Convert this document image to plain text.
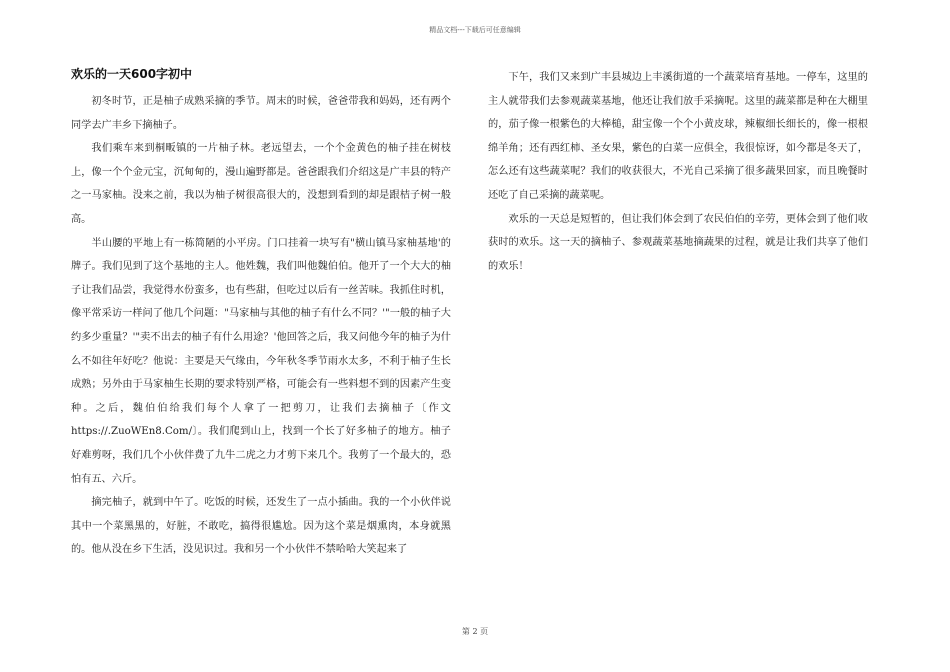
精品文档---下载后可任意编辑
欢乐的一天600字初中

初冬时节，正是柚子成熟采摘的季节。周末的时候，爸爸带我和妈妈，还有两个同学去广丰乡下摘柚子。

我们乘车来到桐畈镇的一片柚子林。老远望去，一个个金黄色的柚子挂在树枝上，像一个个金元宝，沉甸甸的，漫山遍野都是。爸爸跟我们介绍这是广丰县的特产之一马家柚。没来之前，我以为柚子树很高很大的，没想到看到的却是跟桔子树一般高。

半山腰的平地上有一栋简陋的小平房。门口挂着一块写有"横山镇马家柚基地'的牌子。我们见到了这个基地的主人。他姓魏，我们叫他魏伯伯。他开了一个大大的柚子让我们品尝，我觉得水份蛮多，也有些甜，但吃过以后有一丝苦味。我抓住时机，像平常采访一样问了他几个问题："马家柚与其他的柚子有什么不同？'"一般的柚子大约多少重量？'"卖不出去的柚子有什么用途？'他回答之后，我又问他今年的柚子为什么不如往年好吃？他说：主要是天气缘由，今年秋冬季节雨水太多，不利于柚子生长成熟；另外由于马家柚生长期的要求特别严格，可能会有一些料想不到的因素产生变种。之后，魏伯伯给我们每个人拿了一把剪刀，让我们去摘柚子〔作文https://.ZuoWEn8.Com/〕。我们爬到山上，找到一个长了好多柚子的地方。柚子好难剪呀，我们几个小伙伴费了九牛二虎之力才剪下来几个。我剪了一个最大的，恐怕有五、六斤。

摘完柚子，就到中午了。吃饭的时候，还发生了一点小插曲。我的一个小伙伴说其中一个菜黑黑的，好脏，不敢吃，搞得很尴尬。因为这个菜是烟熏肉，本身就黑的。他从没在乡下生活，没见识过。我和另一个小伙伴不禁哈哈大笑起来了

下午，我们又来到广丰县城边上丰溪街道的一个蔬菜培育基地。一停车，这里的主人就带我们去参观蔬菜基地，他还让我们放手采摘呢。这里的蔬菜都是种在大棚里的，茄子像一根紫色的大棒槌，甜宝像一个个小黄皮球，辣椒细长细长的，像一根根绵羊角；还有西红柿、圣女果，紫色的白菜一应俱全，我很惊讶，如今都是冬天了，怎么还有这些蔬菜呢？我们的收获很大，不光自己采摘了很多蔬果回家，而且晚餐时还吃了自己采摘的蔬菜呢。

欢乐的一天总是短暂的，但让我们体会到了农民伯伯的辛劳，更体会到了他们收获时的欢乐。这一天的摘柚子、参观蔬菜基地摘蔬果的过程，就是让我们共享了他们的欢乐！

第 2 页
